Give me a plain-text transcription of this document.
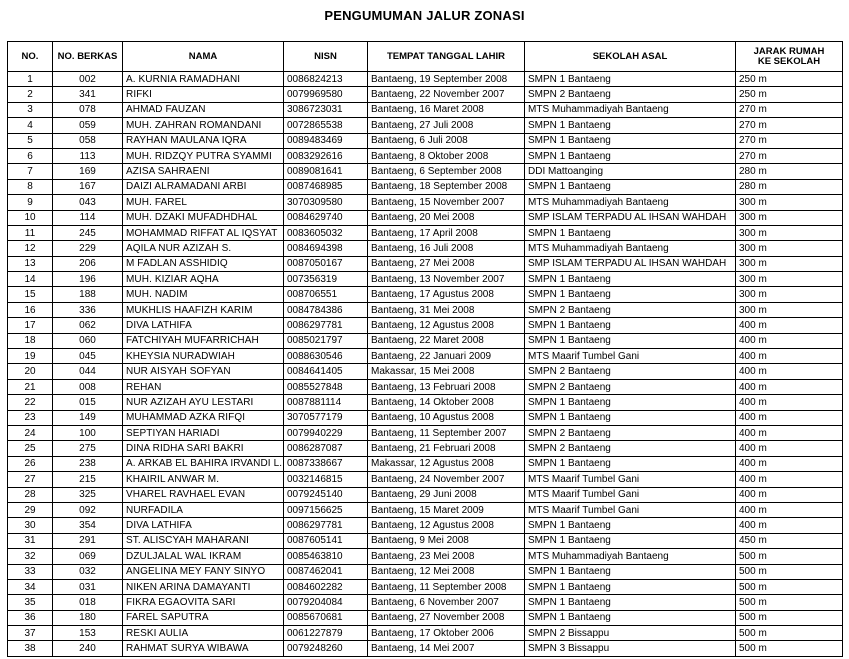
PENGUMUMAN JALUR ZONASI
NO.	NO. BERKAS	NAMA	NISN	TEMPAT TANGGAL LAHIR	SEKOLAH ASAL	JARAK RUMAH
KE SEKOLAH

1	002	A. KURNIA RAMADHANI	0086824213	Bantaeng, 19 September 2008	SMPN 1 Bantaeng	250 m
2	341	RIFKI	0079969580	Bantaeng, 22 November 2007	SMPN 2 Bantaeng	250 m
3	078	AHMAD FAUZAN	3086723031	Bantaeng, 16 Maret 2008	MTS Muhammadiyah Bantaeng	270 m
4	059	MUH. ZAHRAN ROMANDANI	0072865538	Bantaeng, 27 Juli 2008	SMPN 1 Bantaeng	270 m
5	058	RAYHAN MAULANA IQRA	0089483469	Bantaeng, 6 Juli 2008	SMPN 1 Bantaeng	270 m
6	113	MUH. RIDZQY PUTRA SYAMMI	0083292616	Bantaeng, 8 Oktober 2008	SMPN 1 Bantaeng	270 m
7	169	AZISA SAHRAENI	0089081641	Bantaeng, 6 September 2008	DDI Mattoanging	280 m
8	167	DAIZI ALRAMADANI ARBI	0087468985	Bantaeng, 18 September 2008	SMPN 1 Bantaeng	280 m
9	043	MUH. FAREL	3070309580	Bantaeng, 15 November 2007	MTS Muhammadiyah Bantaeng	300 m
10	114	MUH. DZAKI MUFADHDHAL	0084629740	Bantaeng, 20 Mei 2008	SMP ISLAM TERPADU AL IHSAN WAHDAH	300 m
11	245	MOHAMMAD RIFFAT AL IQSYAT	0083605032	Bantaeng, 17 April 2008	SMPN 1 Bantaeng	300 m
12	229	AQILA NUR AZIZAH S.	0084694398	Bantaeng, 16 Juli 2008	MTS Muhammadiyah Bantaeng	300 m
13	206	M FADLAN ASSHIDIQ	0087050167	Bantaeng, 27 Mei 2008	SMP ISLAM TERPADU AL IHSAN WAHDAH	300 m
14	196	MUH. KIZIAR AQHA	007356319	Bantaeng, 13 November 2007	SMPN 1 Bantaeng	300 m
15	188	MUH. NADIM	008706551	Bantaeng, 17 Agustus 2008	SMPN 1 Bantaeng	300 m
16	336	MUKHLIS HAAFIZH KARIM	0084784386	Bantaeng, 31 Mei 2008	SMPN 2 Bantaeng	300 m
17	062	DIVA LATHIFA	0086297781	Bantaeng, 12 Agustus 2008	SMPN 1 Bantaeng	400 m
18	060	FATCHIYAH MUFARRICHAH	0085021797	Bantaeng, 22 Maret 2008	SMPN 1 Bantaeng	400 m
19	045	KHEYSIA NURADWIAH	0088630546	Bantaeng, 22 Januari 2009	MTS Maarif Tumbel Gani	400 m
20	044	NUR AISYAH SOFYAN	0084641405	Makassar, 15 Mei 2008	SMPN 2 Bantaeng	400 m
21	008	REHAN	0085527848	Bantaeng, 13 Februari 2008	SMPN 2 Bantaeng	400 m
22	015	NUR AZIZAH AYU LESTARI	0087881114	Bantaeng, 14 Oktober 2008	SMPN 1 Bantaeng	400 m
23	149	MUHAMMAD AZKA RIFQI	3070577179	Bantaeng, 10 Agustus 2008	SMPN 1 Bantaeng	400 m
24	100	SEPTIYAN HARIADI	0079940229	Bantaeng, 11 September 2007	SMPN 2 Bantaeng	400 m
25	275	DINA RIDHA SARI BAKRI	0086287087	Bantaeng, 21 Februari 2008	SMPN 2 Bantaeng	400 m
26	238	A. ARKAB EL BAHIRA IRVANDI L.	0087338667	Makassar, 12 Agustus 2008	SMPN 1 Bantaeng	400 m
27	215	KHAIRIL ANWAR M.	0032146815	Bantaeng, 24 November 2007	MTS Maarif Tumbel Gani	400 m
28	325	VHAREL RAVHAEL EVAN	0079245140	Bantaeng, 29 Juni 2008	MTS Maarif Tumbel Gani	400 m
29	092	NURFADILA	0097156625	Bantaeng, 15 Maret 2009	MTS Maarif Tumbel Gani	400 m
30	354	DIVA LATHIFA	0086297781	Bantaeng, 12 Agustus 2008	SMPN 1 Bantaeng	400 m
31	291	ST. ALISCYAH MAHARANI	0087605141	Bantaeng, 9 Mei 2008	SMPN 1 Bantaeng	450 m
32	069	DZULJALAL WAL IKRAM	0085463810	Bantaeng, 23 Mei 2008	MTS Muhammadiyah Bantaeng	500 m
33	032	ANGELINA MEY FANY SINYO	0087462041	Bantaeng, 12 Mei 2008	SMPN 1 Bantaeng	500 m
34	031	NIKEN ARINA DAMAYANTI	0084602282	Bantaeng, 11 September 2008	SMPN 1 Bantaeng	500 m
35	018	FIKRA EGAOVITA SARI	0079204084	Bantaeng, 6 November 2007	SMPN 1 Bantaeng	500 m
36	180	FAREL SAPUTRA	0085670681	Bantaeng, 27 November 2008	SMPN 1 Bantaeng	500 m
37	153	RESKI AULIA	0061227879	Bantaeng, 17 Oktober 2006	SMPN 2 Bissappu	500 m
38	240	RAHMAT SURYA WIBAWA	0079248260	Bantaeng, 14 Mei 2007	SMPN 3 Bissappu	500 m
